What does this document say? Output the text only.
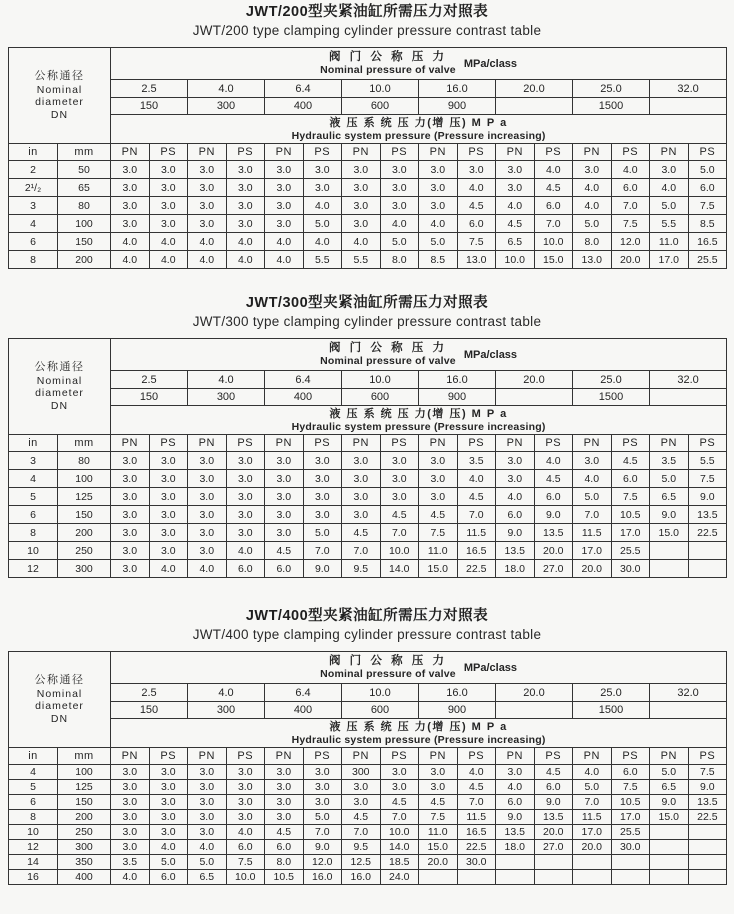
JWT/200型夹紧油缸所需压力对照表
JWT/200 type clamping cylinder pressure contrast table
公称通径
Nominal
diameter
DN

阀 门 公 称 压 力
Nominal pressure of valve
MPa/class

		2.5		4.0		6.4		10.0		16.0		20.0		25.0		32.0	
		150		300		400		600		900				1500			

		液 压 系 统 压 力(增 压) M P a
Hydraulic system pressure (Pressure increasing)															

in	mm	PN	PS	PN	PS	PN	PS	PN	PS	PN	PS	PN	PS	PN	PS	PN	PS
2	50	3.0	3.0	3.0	3.0	3.0	3.0	3.0	3.0	3.0	3.0	3.0	4.0	3.0	4.0	3.0	5.0
2¹/₂	65	3.0	3.0	3.0	3.0	3.0	3.0	3.0	3.0	3.0	4.0	3.0	4.5	4.0	6.0	4.0	6.0
3	80	3.0	3.0	3.0	3.0	3.0	4.0	3.0	3.0	3.0	4.5	4.0	6.0	4.0	7.0	5.0	7.5
4	100	3.0	3.0	3.0	3.0	3.0	5.0	3.0	4.0	4.0	6.0	4.5	7.0	5.0	7.5	5.5	8.5
6	150	4.0	4.0	4.0	4.0	4.0	4.0	4.0	5.0	5.0	7.5	6.5	10.0	8.0	12.0	11.0	16.5
8	200	4.0	4.0	4.0	4.0	4.0	5.5	5.5	8.0	8.5	13.0	10.0	15.0	13.0	20.0	17.0	25.5
JWT/300型夹紧油缸所需压力对照表
JWT/300 type clamping cylinder pressure contrast table
公称通径
Nominal
diameter
DN

阀 门 公 称 压 力
Nominal pressure of valve
MPa/class

		2.5		4.0		6.4		10.0		16.0		20.0		25.0		32.0	
		150		300		400		600		900				1500			

		液 压 系 统 压 力(增 压) M P a
Hydraulic system pressure (Pressure increasing)															

in	mm	PN	PS	PN	PS	PN	PS	PN	PS	PN	PS	PN	PS	PN	PS	PN	PS
3	80	3.0	3.0	3.0	3.0	3.0	3.0	3.0	3.0	3.0	3.5	3.0	4.0	3.0	4.5	3.5	5.5
4	100	3.0	3.0	3.0	3.0	3.0	3.0	3.0	3.0	3.0	4.0	3.0	4.5	4.0	6.0	5.0	7.5
5	125	3.0	3.0	3.0	3.0	3.0	3.0	3.0	3.0	3.0	4.5	4.0	6.0	5.0	7.5	6.5	9.0
6	150	3.0	3.0	3.0	3.0	3.0	3.0	3.0	4.5	4.5	7.0	6.0	9.0	7.0	10.5	9.0	13.5
8	200	3.0	3.0	3.0	3.0	3.0	5.0	4.5	7.0	7.5	11.5	9.0	13.5	11.5	17.0	15.0	22.5
10	250	3.0	3.0	3.0	4.0	4.5	7.0	7.0	10.0	11.0	16.5	13.5	20.0	17.0	25.5		
12	300	3.0	4.0	4.0	6.0	6.0	9.0	9.5	14.0	15.0	22.5	18.0	27.0	20.0	30.0		
JWT/400型夹紧油缸所需压力对照表
JWT/400 type clamping cylinder pressure contrast table
公称通径
Nominal
diameter
DN

阀 门 公 称 压 力
Nominal pressure of valve
MPa/class

		2.5		4.0		6.4		10.0		16.0		20.0		25.0		32.0	
		150		300		400		600		900				1500			

		液 压 系 统 压 力(增 压) M P a
Hydraulic system pressure (Pressure increasing)															

in	mm	PN	PS	PN	PS	PN	PS	PN	PS	PN	PS	PN	PS	PN	PS	PN	PS
4	100	3.0	3.0	3.0	3.0	3.0	3.0	300	3.0	3.0	4.0	3.0	4.5	4.0	6.0	5.0	7.5
5	125	3.0	3.0	3.0	3.0	3.0	3.0	3.0	3.0	3.0	4.5	4.0	6.0	5.0	7.5	6.5	9.0
6	150	3.0	3.0	3.0	3.0	3.0	3.0	3.0	4.5	4.5	7.0	6.0	9.0	7.0	10.5	9.0	13.5
8	200	3.0	3.0	3.0	3.0	3.0	5.0	4.5	7.0	7.5	11.5	9.0	13.5	11.5	17.0	15.0	22.5
10	250	3.0	3.0	3.0	4.0	4.5	7.0	7.0	10.0	11.0	16.5	13.5	20.0	17.0	25.5		
12	300	3.0	4.0	4.0	6.0	6.0	9.0	9.5	14.0	15.0	22.5	18.0	27.0	20.0	30.0		
14	350	3.5	5.0	5.0	7.5	8.0	12.0	12.5	18.5	20.0	30.0						
16	400	4.0	6.0	6.5	10.0	10.5	16.0	16.0	24.0								
